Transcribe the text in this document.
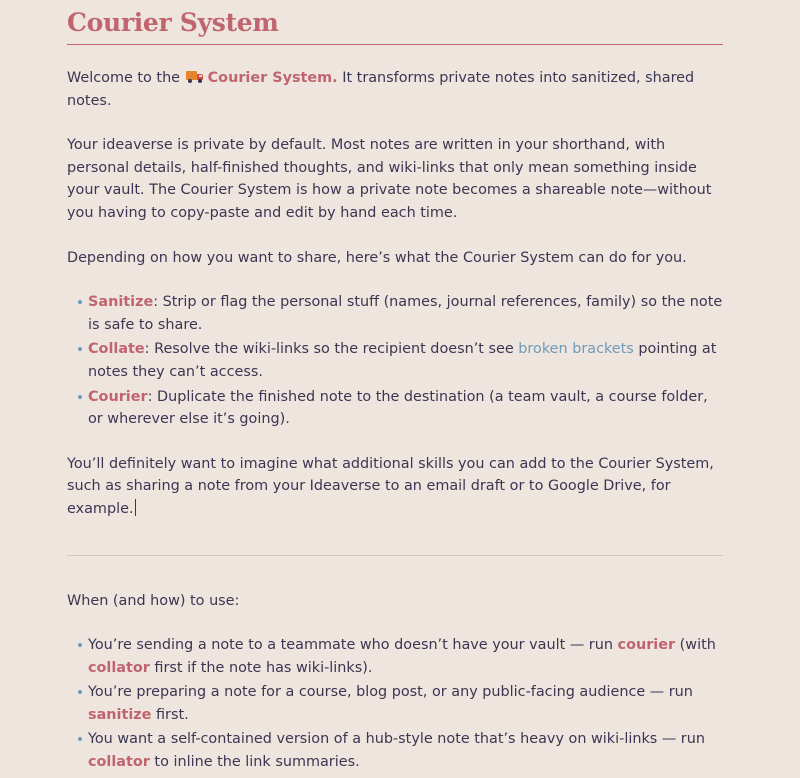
Courier System

Welcome to the
Courier System. It transforms private notes into sanitized, shared notes.

Your ideaverse is private by default. Most notes are written in your shorthand, with personal details, half-finished thoughts, and wiki-links that only mean something inside your vault. The Courier System is how a private note becomes a shareable note—without you having to copy-paste and edit by hand each time.

Depending on how you want to share, here’s what the Courier System can do for you.

Sanitize: Strip or flag the personal stuff (names, journal references, family) so the note is safe to share.
Collate: Resolve the wiki-links so the recipient doesn’t see broken brackets pointing at notes they can’t access.
Courier: Duplicate the finished note to the destination (a team vault, a course folder, or wherever else it’s going).

You’ll definitely want to imagine what additional skills you can add to the Courier System, such as sharing a note from your Ideaverse to an email draft or to Google Drive, for example.

When (and how) to use:

You’re sending a note to a teammate who doesn’t have your vault — run courier (with collator first if the note has wiki-links).
You’re preparing a note for a course, blog post, or any public-facing audience — run sanitize first.
You want a self-contained version of a hub-style note that’s heavy on wiki-links — run collator to inline the link summaries.
